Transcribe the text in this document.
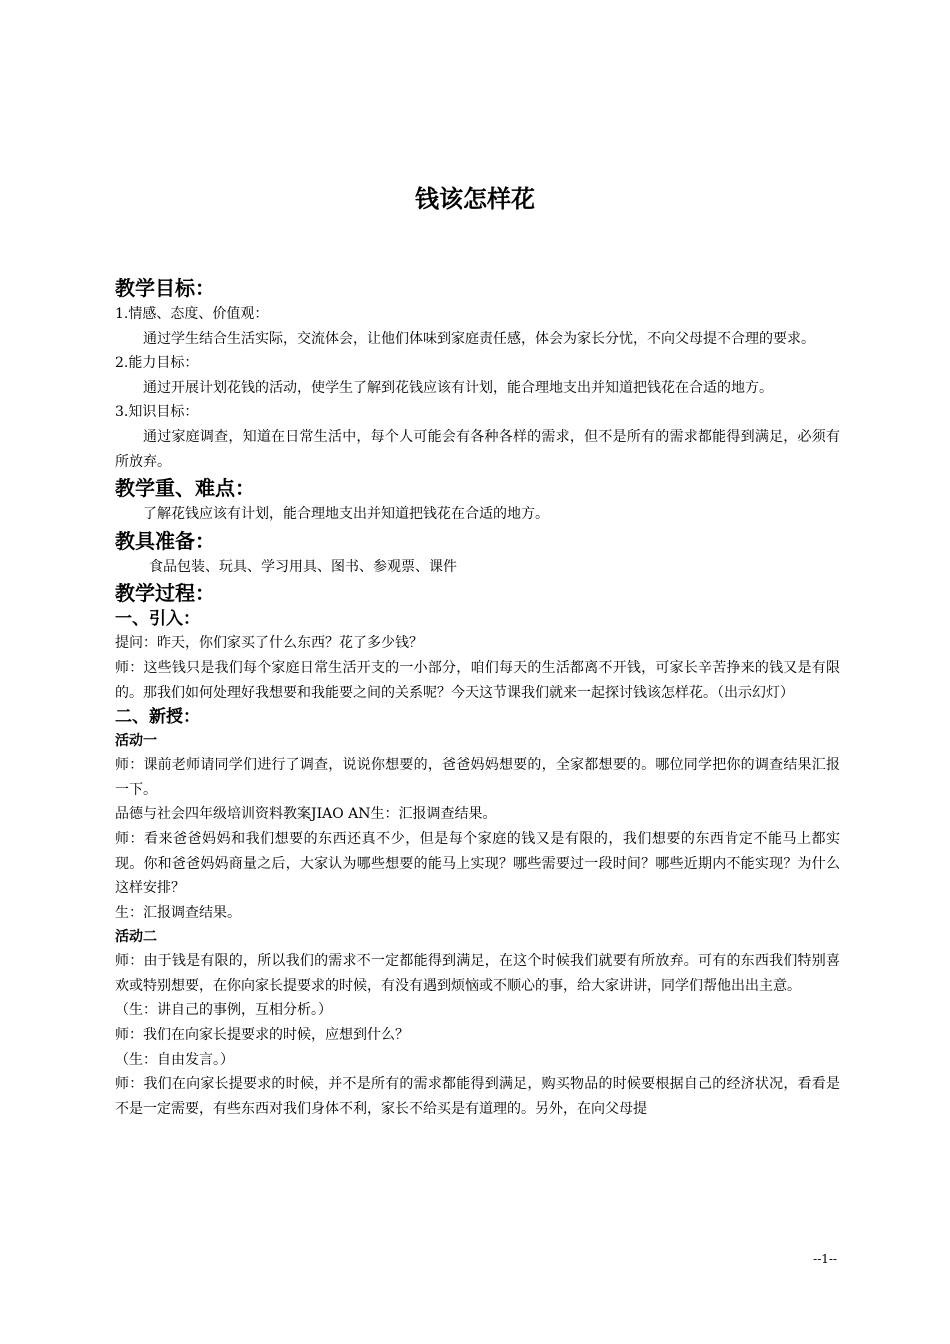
钱该怎样花
教学目标：

1.情感、态度、价值观：

通过学生结合生活实际，交流体会，让他们体味到家庭责任感，体会为家长分忧，不向父母提不合理的要求。

2.能力目标：

通过开展计划花钱的活动，使学生了解到花钱应该有计划，能合理地支出并知道把钱花在合适的地方。

3.知识目标：

通过家庭调查，知道在日常生活中，每个人可能会有各种各样的需求，但不是所有的需求都能得到满足，必须有所放弃。

教学重、难点：

了解花钱应该有计划，能合理地支出并知道把钱花在合适的地方。

教具准备：

食品包装、玩具、学习用具、图书、参观票、课件

教学过程：
一、引入：

提问：昨天，你们家买了什么东西？花了多少钱？

师：这些钱只是我们每个家庭日常生活开支的一小部分，咱们每天的生活都离不开钱，可家长辛苦挣来的钱又是有限的。那我们如何处理好我想要和我能要之间的关系呢？今天这节课我们就来一起探讨钱该怎样花。（出示幻灯）

二、新授：
活动一

师：课前老师请同学们进行了调查，说说你想要的，爸爸妈妈想要的，全家都想要的。哪位同学把你的调查结果汇报一下。

品德与社会四年级培训资料教案JIAO AN生：汇报调查结果。

师：看来爸爸妈妈和我们想要的东西还真不少，但是每个家庭的钱又是有限的，我们想要的东西肯定不能马上都实现。你和爸爸妈妈商量之后，大家认为哪些想要的能马上实现？哪些需要过一段时间？哪些近期内不能实现？为什么这样安排？

生：汇报调查结果。

活动二

师：由于钱是有限的，所以我们的需求不一定都能得到满足，在这个时候我们就要有所放弃。可有的东西我们特别喜欢或特别想要，在你向家长提要求的时候，有没有遇到烦恼或不顺心的事，给大家讲讲，同学们帮他出出主意。

（生：讲自己的事例，互相分析。）

师：我们在向家长提要求的时候，应想到什么？

（生：自由发言。）

师：我们在向家长提要求的时候，并不是所有的需求都能得到满足，购买物品的时候要根据自己的经济状况，看看是不是一定需要，有些东西对我们身体不利，家长不给买是有道理的。另外，在向父母提

--1--
